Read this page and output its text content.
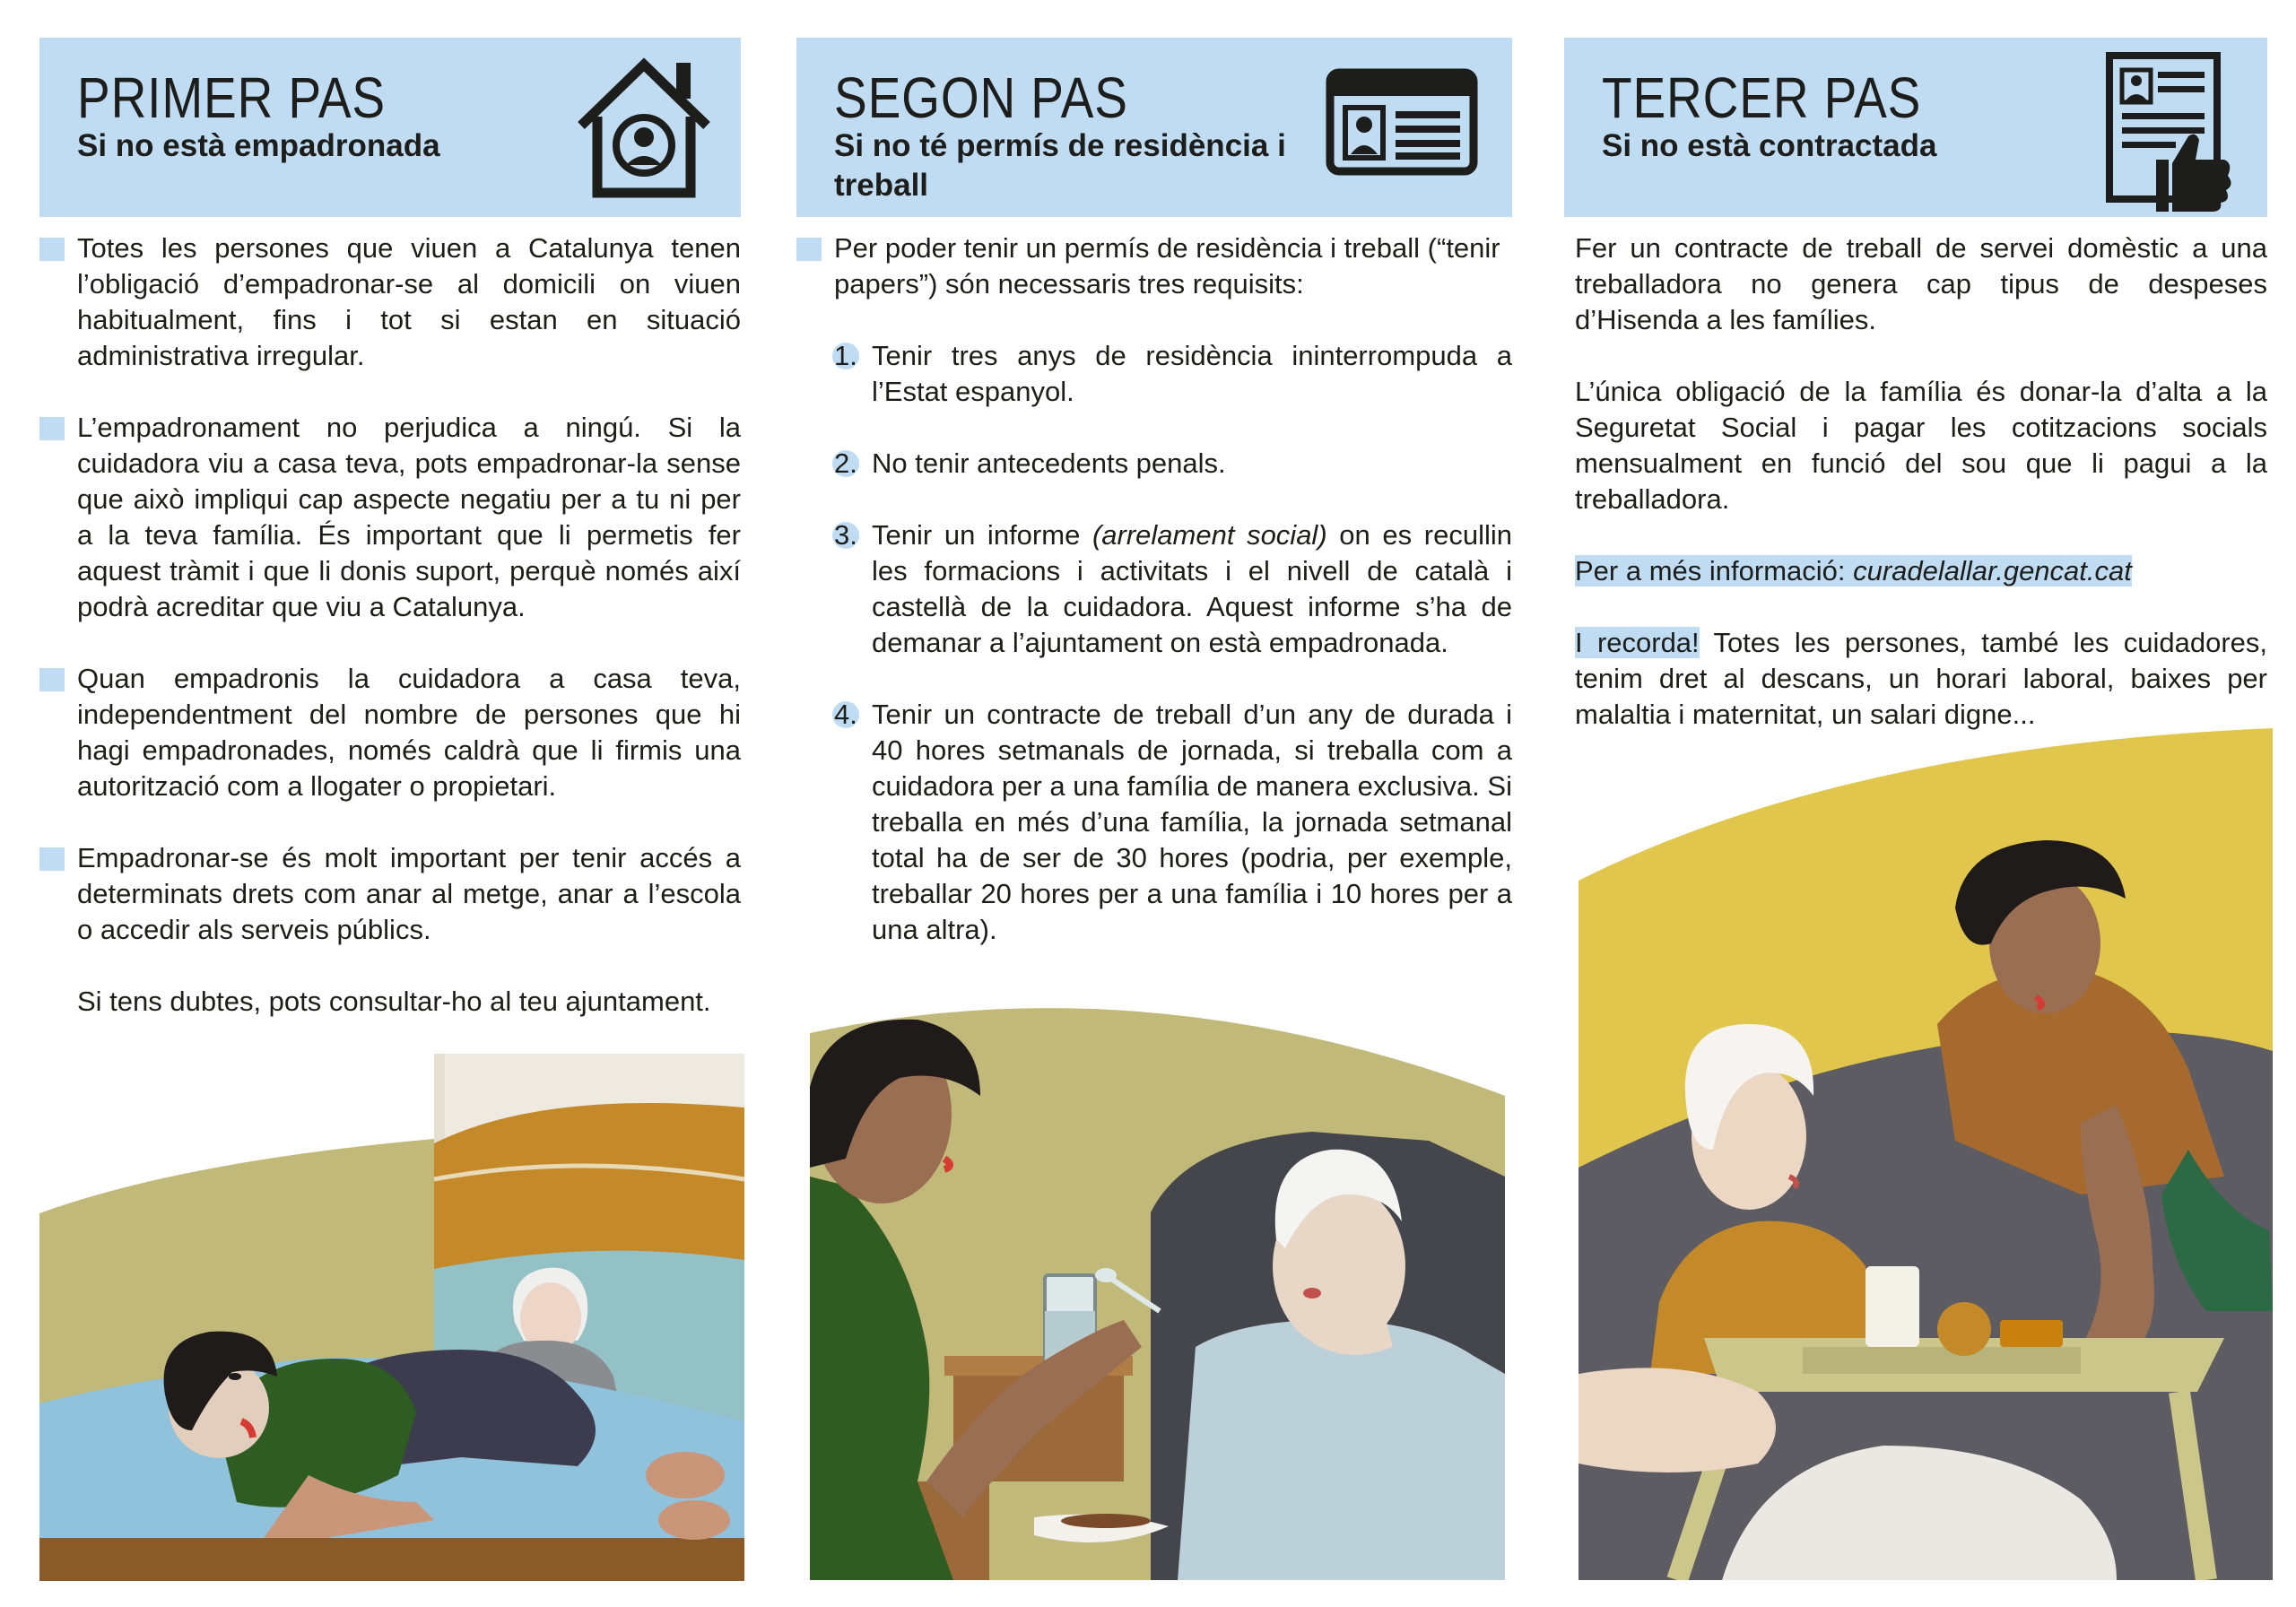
PRIMER PAS
Si no està empadronada

Totes les persones que viuen a Catalunya tenen l’obligació d’empadronar-se al domicili on viuen habitualment, fins i tot si estan en situació administrativa irregular.

L’empadronament no perjudica a ningú. Si la cuidadora viu a casa teva, pots empadronar-la sense que això impliqui cap aspecte negatiu per a tu ni per a la teva família. És important que li permetis fer aquest tràmit i que li donis suport, perquè només així podrà acreditar que viu a Catalunya.

Quan empadronis la cuidadora a casa teva, independentment del nombre de persones que hi hagi empadronades, només caldrà que li firmis una autorització com a llogater o propietari.

Empadronar-se és molt important per tenir accés a determinats drets com anar al metge, anar a l’escola o accedir als serveis públics.

Si tens dubtes, pots consultar-ho al teu ajuntament.

SEGON PAS
Si no té permís de residència i treball

Per poder tenir un permís de residència i treball (“tenir papers”) són necessaris tres requisits:

1. Tenir tres anys de residència ininterrompuda a l’Estat espanyol.

2. No tenir antecedents penals.

3. Tenir un informe (arrelament social) on es recullin les formacions i activitats i el nivell de català i castellà de la cuidadora. Aquest informe s’ha de demanar a l’ajuntament on està empadronada.

4. Tenir un contracte de treball d’un any de durada i 40 hores setmanals de jornada, si treballa com a cuidadora per a una família de manera exclusiva. Si treballa en més d’una família, la jornada setmanal total ha de ser de 30 hores (podria, per exemple, treballar 20 hores per a una família i 10 hores per a una altra).

TERCER PAS
Si no està contractada

Fer un contracte de treball de servei domèstic a una treballadora no genera cap tipus de despeses d’Hisenda a les famílies.

L’única obligació de la família és donar-la d’alta a la Seguretat Social i pagar les cotitzacions socials mensualment en funció del sou que li pagui a la treballadora.

Per a més informació: curadelallar.gencat.cat

I recorda! Totes les persones, també les cuidadores, tenim dret al descans, un horari laboral, baixes per malaltia i maternitat, un salari digne...
